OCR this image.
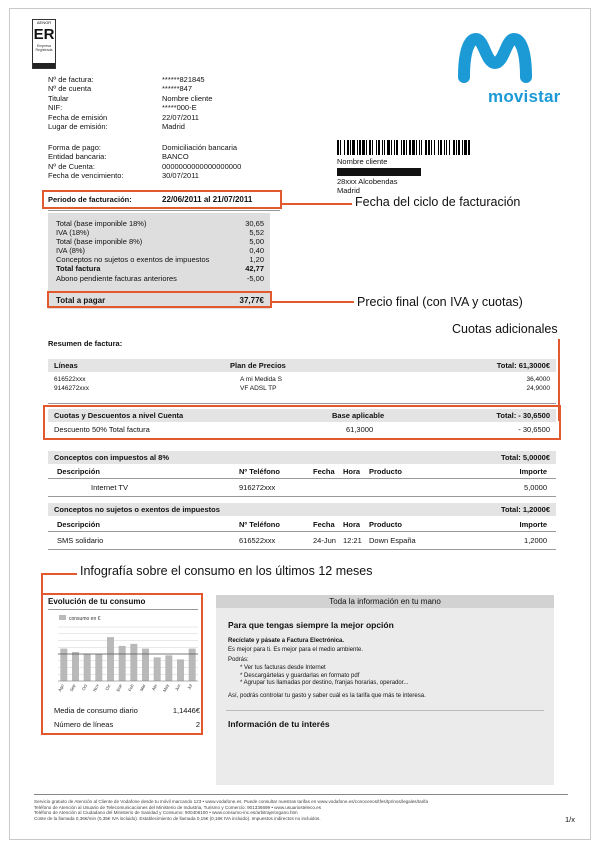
AENOR
ER
Empresa
Registrada
movistar
Nº de factura:	******821845
Nº de cuenta	******847
Titular	Nombre cliente
NIF:	*****000-E
Fecha de emisión	22/07/2011
Lugar de emisión:	Madrid
Forma de pago:	Domiciliación bancaria
Entidad bancaria:	BANCO
Nº de Cuenta:	0000000000000000000
Fecha de vencimiento:	30/07/2011
Nombre cliente
28xxx Alcobendas
Madrid
Periodo de facturación:	22/06/2011 al 21/07/2011	Fecha del ciclo de facturación
Total (base imponible 18%)	30,65
IVA (18%)	5,52
Total (base imponible 8%)	5,00
IVA (8%)	0,40
Conceptos no sujetos o exentos de impuestos	1,20
Total factura	42,77
Abono pendiente facturas anteriores	-5,00
Total a pagar	37,77€	Precio final (con IVA y cuotas)
Cuotas adicionales
Resumen de factura:
Líneas	Plan de Precios	Total: 61,3000€
616522xxx	A mi Medida S	36,4000
9146272xxx	VF ADSL TP	24,9000
Cuotas y Descuentos a nivel Cuenta	Base aplicable	Total: - 30,6500
Descuento 50% Total factura	61,3000	- 30,6500
Conceptos con impuestos al 8%	Total: 5,0000€
Descripción	Nº Teléfono	Fecha Hora Producto	Importe
Internet TV	916272xxx	5,0000
Conceptos no sujetos o exentos de impuestos	Total: 1,2000€
Descripción	Nº Teléfono	Fecha Hora Producto	Importe
SMS solidario	616522xxx	24-Jun 12:21 Down España	1,2000
Infografía sobre el consumo en los últimos 12 meses
Evolución de tu consumo
consumo en €
Ago Sep Oct Nov Dic Ene Feb Mar Abr May Jun Jul
Media de consumo diario	1,1446€
Número de líneas	2
Toda la información en tu mano
Para que tengas siempre la mejor opción
Recíclate y pásate a Factura Electrónica.
Es mejor para ti. Es mejor para el medio ambiente.
Podrás:
* Ver tus facturas desde Internet
* Descargártelas y guardarlas en formato pdf
* Agrupar tus llamadas por destino, franjas horarias, operador...
Así, podrás controlar tu gasto y saber cuál es la tarifa que más te interesa.
Información de tu interés
Servicio gratuito de Atención al Cliente de Vodafone desde tu móvil marcando 123 • www.vodafone.es. Puede consultar nuestras tarifas en www.vodafone.es/conocenos/tfes/tprinos/legales/tarifa
Teléfono de Atención al Usuario de Telecomunicaciones del Ministerio de Industria, Turismo y Comercio: 901336699 • www.usuariosteleco.es
Teléfono de Atención al Ciudadano del Ministerio de Sanidad y Consumo: 900406100 • www.consumo-inc.es/arbitraje/organo.htm
Coste de la llamada 0,36€/min (0,35€ IVA incluido). Establecimiento de llamada 0,15€ (0,18€ IVA incluido). Impuestos indirectos no incluidos.	1/x
